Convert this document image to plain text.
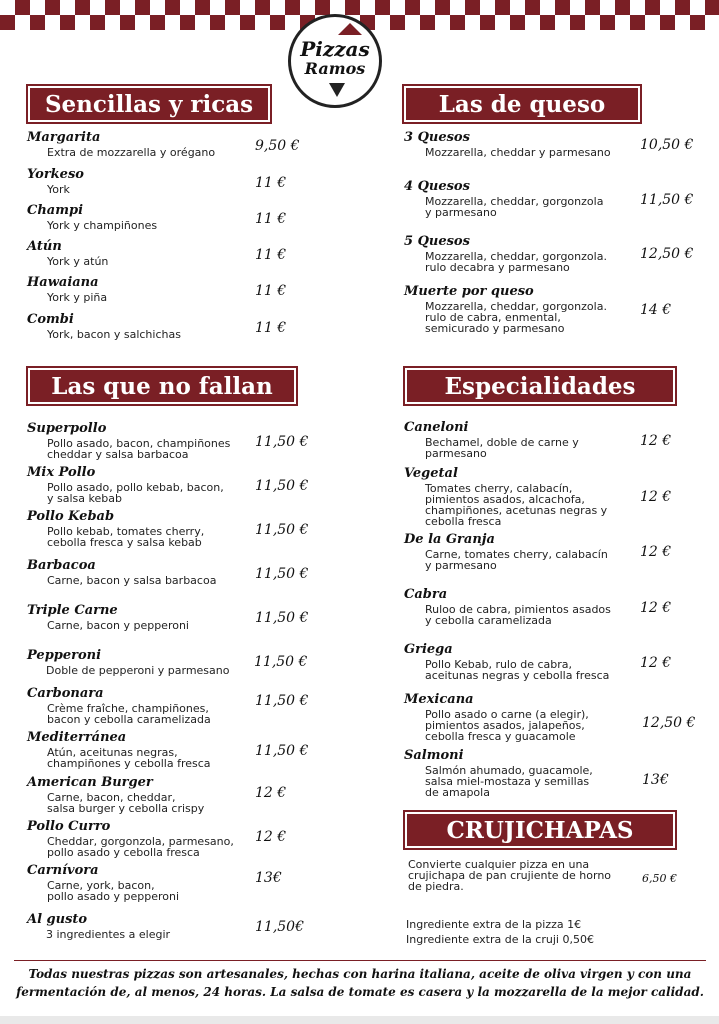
Pizzas
Ramos
Sencillas y ricas	Las de queso
Las que no fallan	Especialidades
CRUJICHAPAS
Margarita
Extra de mozzarella y orégano	9,50 €
Yorkeso
York	11 €
Champi
York y champiñones	11 €
Atún
York y atún	11 €
Hawaiana
York y piña	11 €
Combi
York, bacon y salchichas	11 €
3 Quesos
Mozzarella, cheddar y parmesano 10,50 €
4 Quesos
Mozzarella, cheddar, gorgonzola
y parmesano
11,50 €
5 Quesos
Mozzarella, cheddar, gorgonzola.
rulo decabra y parmesano
12,50 €
Muerte por queso
Mozzarella, cheddar, gorgonzola.
rulo de cabra, enmental,
semicurado y parmesano
14 €
Superpollo
Pollo asado, bacon, champiñones
cheddar y salsa barbacoa
11,50 €
Mix Pollo
Pollo asado, pollo kebab, bacon,
y salsa kebab
11,50 €
Pollo Kebab
Pollo kebab, tomates cherry,
cebolla fresca y salsa kebab
11,50 €
Barbacoa
Carne, bacon y salsa barbacoa	11,50 €
Triple Carne
Carne, bacon y pepperoni	11,50 €
Pepperoni
Doble de pepperoni y parmesano
11,50 €
Carbonara
Crème fraîche, champiñones,
bacon y cebolla caramelizada
11,50 €
Mediterránea
Atún, aceitunas negras,
champiñones y cebolla fresca
11,50 €
American Burger
Carne, bacon, cheddar,
salsa burger y cebolla crispy
12 €
Pollo Curro
Cheddar, gorgonzola, parmesano,
pollo asado y cebolla fresca
12 €
Carnívora
Carne, york, bacon,
pollo asado y pepperoni
13€
Al gusto
3 ingredientes a elegir	11,50€
Caneloni
Bechamel, doble de carne y
parmesano
12 €
Vegetal
Tomates cherry, calabacín,
pimientos asados, alcachofa,
champiñones, acetunas negras y
cebolla fresca
12 €
De la Granja
Carne, tomates cherry, calabacín
y parmesano
12 €
Cabra
Ruloo de cabra, pimientos asados
y cebolla caramelizada
12 €
Griega
Pollo Kebab, rulo de cabra,
aceitunas negras y cebolla fresca
12 €
Mexicana
Pollo asado o carne (a elegir),
pimientos asados, jalapeños,
cebolla fresca y guacamole
12,50 €
Salmoni
Salmón ahumado, guacamole,
salsa miel-mostaza y semillas
de amapola
13€
Convierte cualquier pizza en una
crujichapa de pan crujiente de horno
de piedra.
6,50 €
Ingrediente extra de la pizza 1€
Ingrediente extra de la cruji 0,50€
Todas nuestras pizzas son artesanales, hechas con harina italiana, aceite de oliva virgen y con una
fermentación de, al menos, 24 horas. La salsa de tomate es casera y la mozzarella de la mejor calidad.
